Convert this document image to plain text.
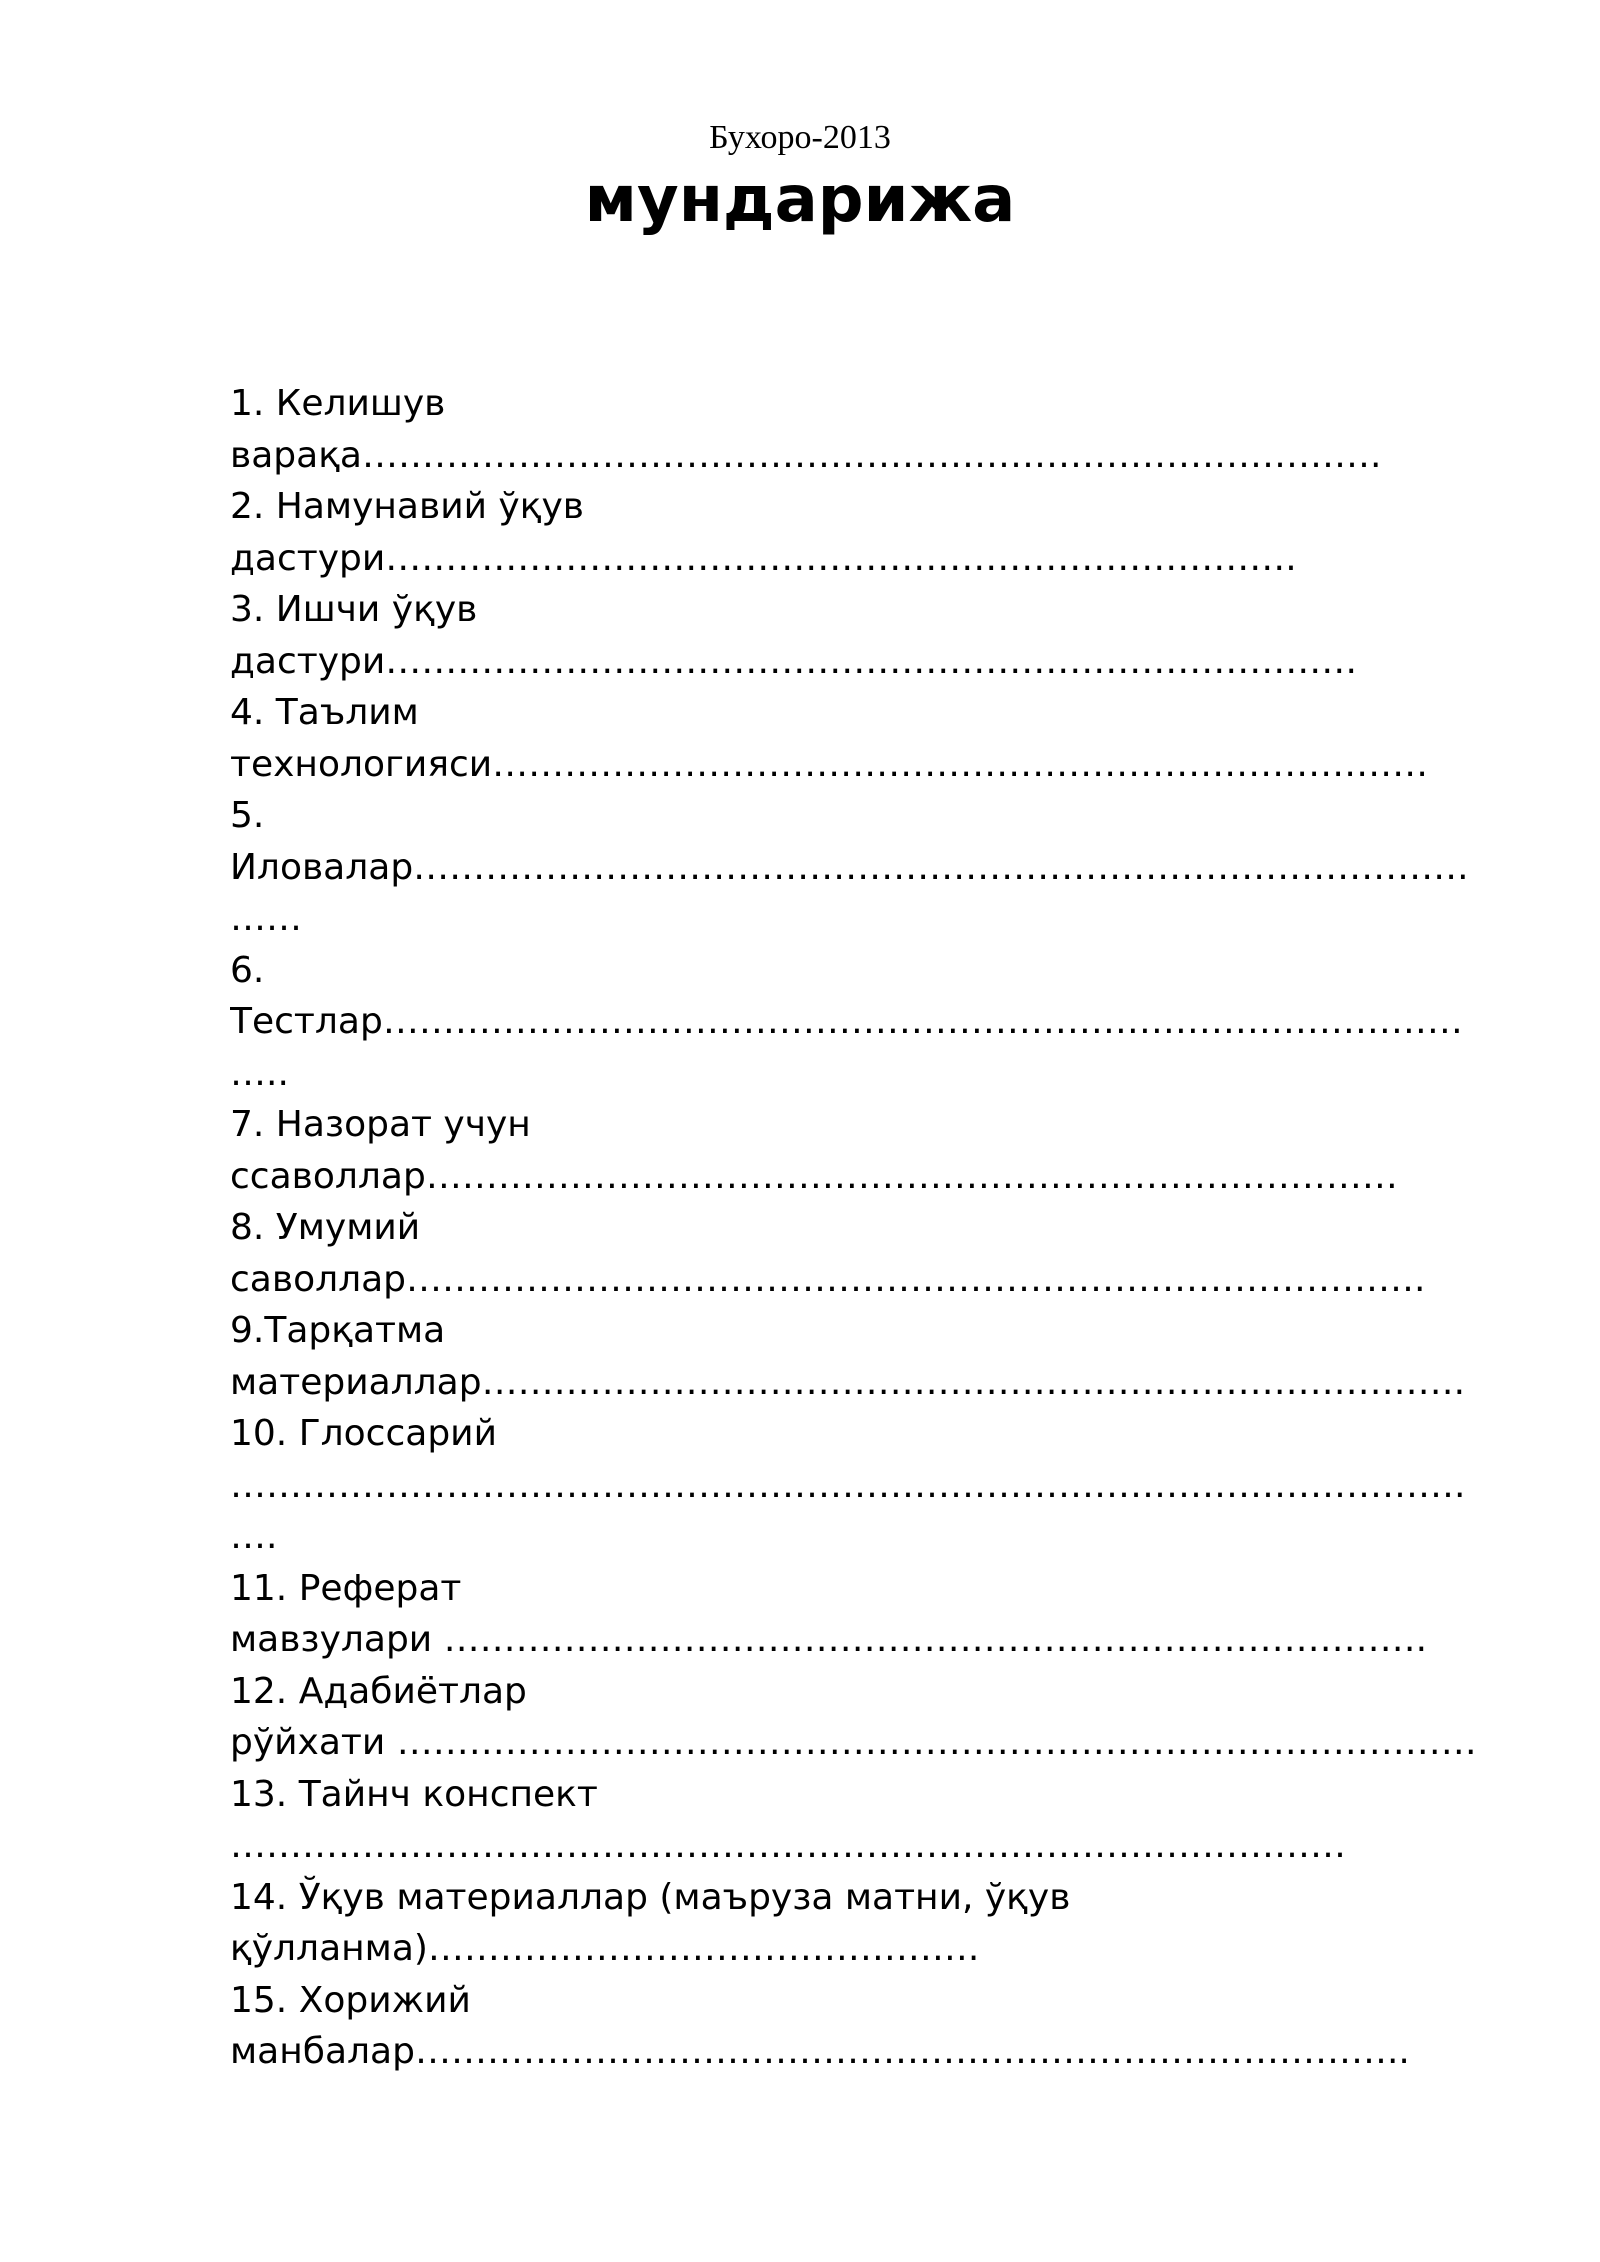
Бухоро-2013
мундарижа
1. Келишув
варақа………………………………………………………………………….
2. Намунавий ўқув
дастури………………………………………………………………….
3. Ишчи ўқув
дастури………………………………………………………………………
4. Таълим
технологияси……………………………………………………………………
5.
Иловалар…………………………………………………………………………….
……
6.
Тестлар………………………………………………………………………………
…..
7. Назорат учун
ссаволлар………………………………………………………………………
8. Умумий
саволлар………………………………………………………………………….
9.Тарқатма
материаллар……………………………………………………………………….
10. Глоссарий
………………………………………………………………………………………….
….
11. Реферат
мавзулари ……………………………………………………………………….
12. Адабиётлар
рўйхати ………………………………………………………………………………
13. Тайнч конспект
…………………………………………………………………………………
14. Ўқув материаллар (маъруза матни, ўқув
қўлланма)……………………………………….
15. Хорижий
манбалар………………………………………………………………………..
